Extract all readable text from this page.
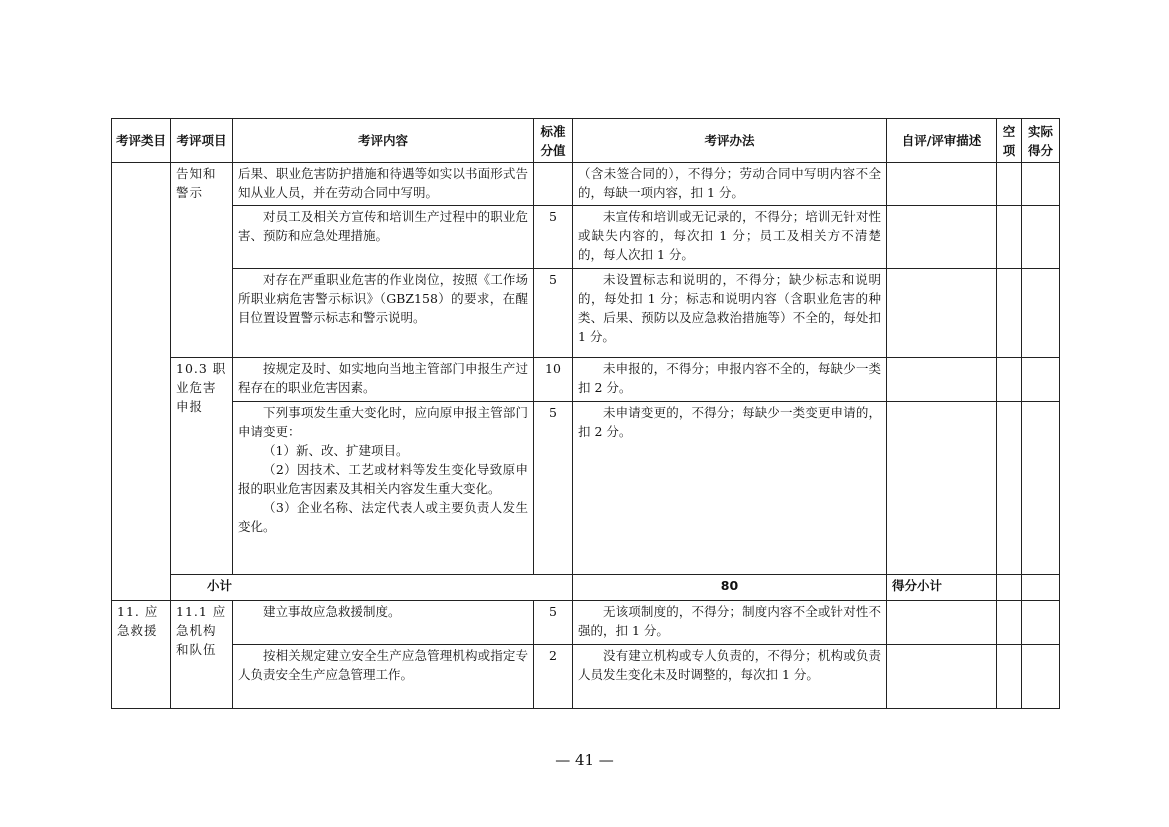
考评类目	考评项目	考评内容	标准分值	考评办法	自评/评审描述	空项	实际得分	
	告知和警示	后果、职业危害防护措施和待遇等如实以书面形式告知从业人员，并在劳动合同中写明。		（含未签合同的），不得分；劳动合同中写明内容不全的，每缺一项内容，扣 1 分。				
		对员工及相关方宣传和培训生产过程中的职业危害、预防和应急处理措施。	5	未宣传和培训或无记录的，不得分；培训无针对性或缺失内容的，每次扣 1 分；员工及相关方不清楚的，每人次扣 1 分。				
		对存在严重职业危害的作业岗位，按照《工作场所职业病危害警示标识》（GBZ158）的要求，在醒目位置设置警示标志和警示说明。	5	未设置标志和说明的，不得分；缺少标志和说明的，每处扣 1 分；标志和说明内容（含职业危害的种类、后果、预防以及应急救治措施等）不全的，每处扣 1 分。				
	10.3 职业危害申报	按规定及时、如实地向当地主管部门申报生产过程存在的职业危害因素。	10	未申报的，不得分；申报内容不全的，每缺少一类扣 2 分。				

		下列事项发生重大变化时，应向原申报主管部门申请变更：

（1）新、改、扩建项目。

（2）因技术、工艺或材料等发生变化导致原申报的职业危害因素及其相关内容发生重大变化。

（3）企业名称、法定代表人或主要负责人发生变化。	5	未申请变更的，不得分；每缺少一类变更申请的，扣 2 分。				
	小计			80	得分小计			
11. 应急救援	11.1 应急机构和队伍	建立事故应急救援制度。	5	无该项制度的，不得分；制度内容不全或针对性不强的，扣 1 分。				
		按相关规定建立安全生产应急管理机构或指定专人负责安全生产应急管理工作。	2	没有建立机构或专人负责的，不得分；机构或负责人员发生变化未及时调整的，每次扣 1 分。				
— 41 —
